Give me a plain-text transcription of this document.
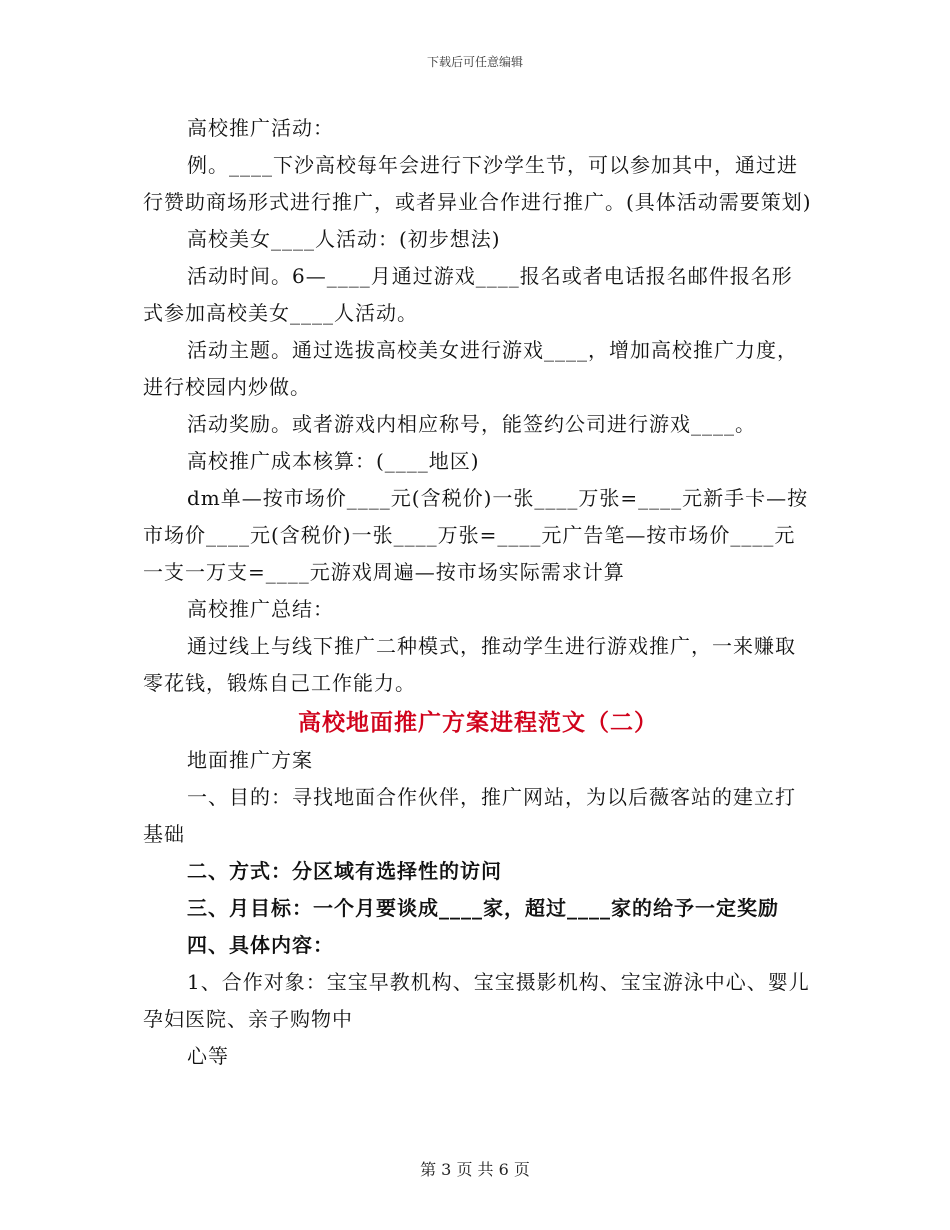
下载后可任意编辑

高校推广活动：

例。____下沙高校每年会进行下沙学生节，可以参加其中，通过进行赞助商场形式进行推广，或者异业合作进行推广。(具体活动需要策划)

高校美女____人活动：(初步想法)

活动时间。6—____月通过游戏____报名或者电话报名邮件报名形式参加高校美女____人活动。

活动主题。通过选拔高校美女进行游戏____，增加高校推广力度，进行校园内炒做。

活动奖励。或者游戏内相应称号，能签约公司进行游戏____。

高校推广成本核算：(____地区)

dm单—按市场价____元(含税价)一张____万张=____元新手卡—按市场价____元(含税价)一张____万张=____元广告笔—按市场价____元一支一万支=____元游戏周遍—按市场实际需求计算

高校推广总结：

通过线上与线下推广二种模式，推动学生进行游戏推广，一来赚取零花钱，锻炼自己工作能力。

高校地面推广方案进程范文（二）

地面推广方案

一、目的：寻找地面合作伙伴，推广网站，为以后薇客站的建立打基础

二、方式：分区域有选择性的访问

三、月目标：一个月要谈成____家，超过____家的给予一定奖励

四、具体内容：

1、合作对象：宝宝早教机构、宝宝摄影机构、宝宝游泳中心、婴儿孕妇医院、亲子购物中

心等

第 3 页 共 6 页
